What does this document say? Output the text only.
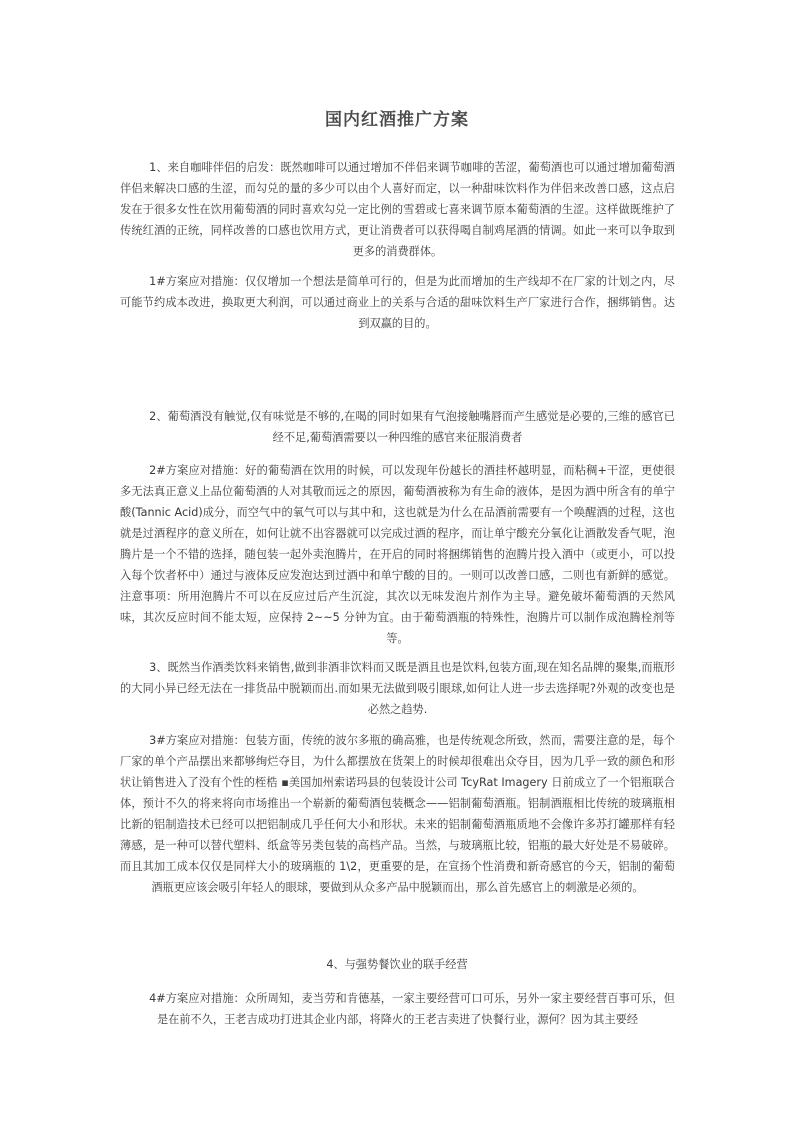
国内红酒推广方案
1、来自咖啡伴侣的启发：既然咖啡可以通过增加不伴侣来调节咖啡的苦涩，葡萄酒也可以通过增加葡萄酒伴侣来解决口感的生涩，而勾兑的量的多少可以由个人喜好而定，以一种甜味饮料作为伴侣来改善口感，这点启发在于很多女性在饮用葡萄酒的同时喜欢勾兑一定比例的雪碧或七喜来调节原本葡萄酒的生涩。这样做既维护了传统红酒的正统，同样改善的口感也饮用方式，更让消费者可以获得喝自制鸡尾酒的情调。如此一来可以争取到更多的消费群体。
1#方案应对措施：仅仅增加一个想法是简单可行的，但是为此而增加的生产线却不在厂家的计划之内，尽可能节约成本改进，换取更大利润，可以通过商业上的关系与合适的甜味饮料生产厂家进行合作，捆绑销售。达到双赢的目的。
2、葡萄酒没有触觉,仅有味觉是不够的,在喝的同时如果有气泡接触嘴唇而产生感觉是必要的,三维的感官已经不足,葡萄酒需要以一种四维的感官来征服消费者
2#方案应对措施：好的葡萄酒在饮用的时候，可以发现年份越长的酒挂杯越明显，而粘稠+干涩，更使很多无法真正意义上品位葡萄酒的人对其敬而远之的原因，葡萄酒被称为有生命的液体，是因为酒中所含有的单宁酸(Tannic Acid)成分，而空气中的氧气可以与其中和，这也就是为什么在品酒前需要有一个唤醒酒的过程，这也就是过酒程序的意义所在，如何让就不出容器就可以完成过酒的程序，而让单宁酸充分氧化让酒散发香气呢，泡腾片是一个不错的选择，随包装一起外卖泡腾片，在开启的同时将捆绑销售的泡腾片投入酒中（或更小，可以投入每个饮者杯中）通过与液体反应发泡达到过酒中和单宁酸的目的。一则可以改善口感，二则也有新鲜的感觉。注意事项：所用泡腾片不可以在反应过后产生沉淀，其次以无味发泡片剂作为主导。避免破坏葡萄酒的天然风味，其次反应时间不能太短，应保持 2~~5 分钟为宜。由于葡萄酒瓶的特殊性，泡腾片可以制作成泡腾栓剂等等。
3、既然当作酒类饮料来销售,做到非酒非饮料而又既是酒且也是饮料,包装方面,现在知名品牌的聚集,而瓶形的大同小异已经无法在一排货品中脱颖而出.而如果无法做到吸引眼球,如何让人进一步去选择呢?外观的改变也是必然之趋势.
3#方案应对措施：包装方面，传统的波尔多瓶的确高雅，也是传统观念所致，然而，需要注意的是，每个厂家的单个产品摆出来都够绚烂夺目，为什么都摆放在货架上的时候却很难出众夺目，因为几乎一致的颜色和形状让销售进入了没有个性的桎梏 ▪美国加州索诺玛县的包装设计公司 TcyRat Imagery 日前成立了一个铝瓶联合体，预计不久的将来将向市场推出一个崭新的葡萄酒包装概念——铝制葡萄酒瓶。铝制酒瓶相比传统的玻璃瓶相比新的铝制造技术已经可以把铝制成几乎任何大小和形状。未来的铝制葡萄酒瓶质地不会像许多苏打罐那样有轻薄感，是一种可以替代塑料、纸盒等另类包装的高档产品。当然，与玻璃瓶比较，铝瓶的最大好处是不易破碎。而且其加工成本仅仅是同样大小的玻璃瓶的 1\2，更重要的是，在宣扬个性消费和新奇感官的今天，铝制的葡萄酒瓶更应该会吸引年轻人的眼球，要做到从众多产品中脱颖而出，那么首先感官上的刺激是必须的。
4、与强势餐饮业的联手经营
4#方案应对措施：众所周知，麦当劳和肯德基，一家主要经营可口可乐，另外一家主要经营百事可乐，但是在前不久，王老吉成功打进其企业内部，将降火的王老吉卖进了快餐行业，源何？因为其主要经
